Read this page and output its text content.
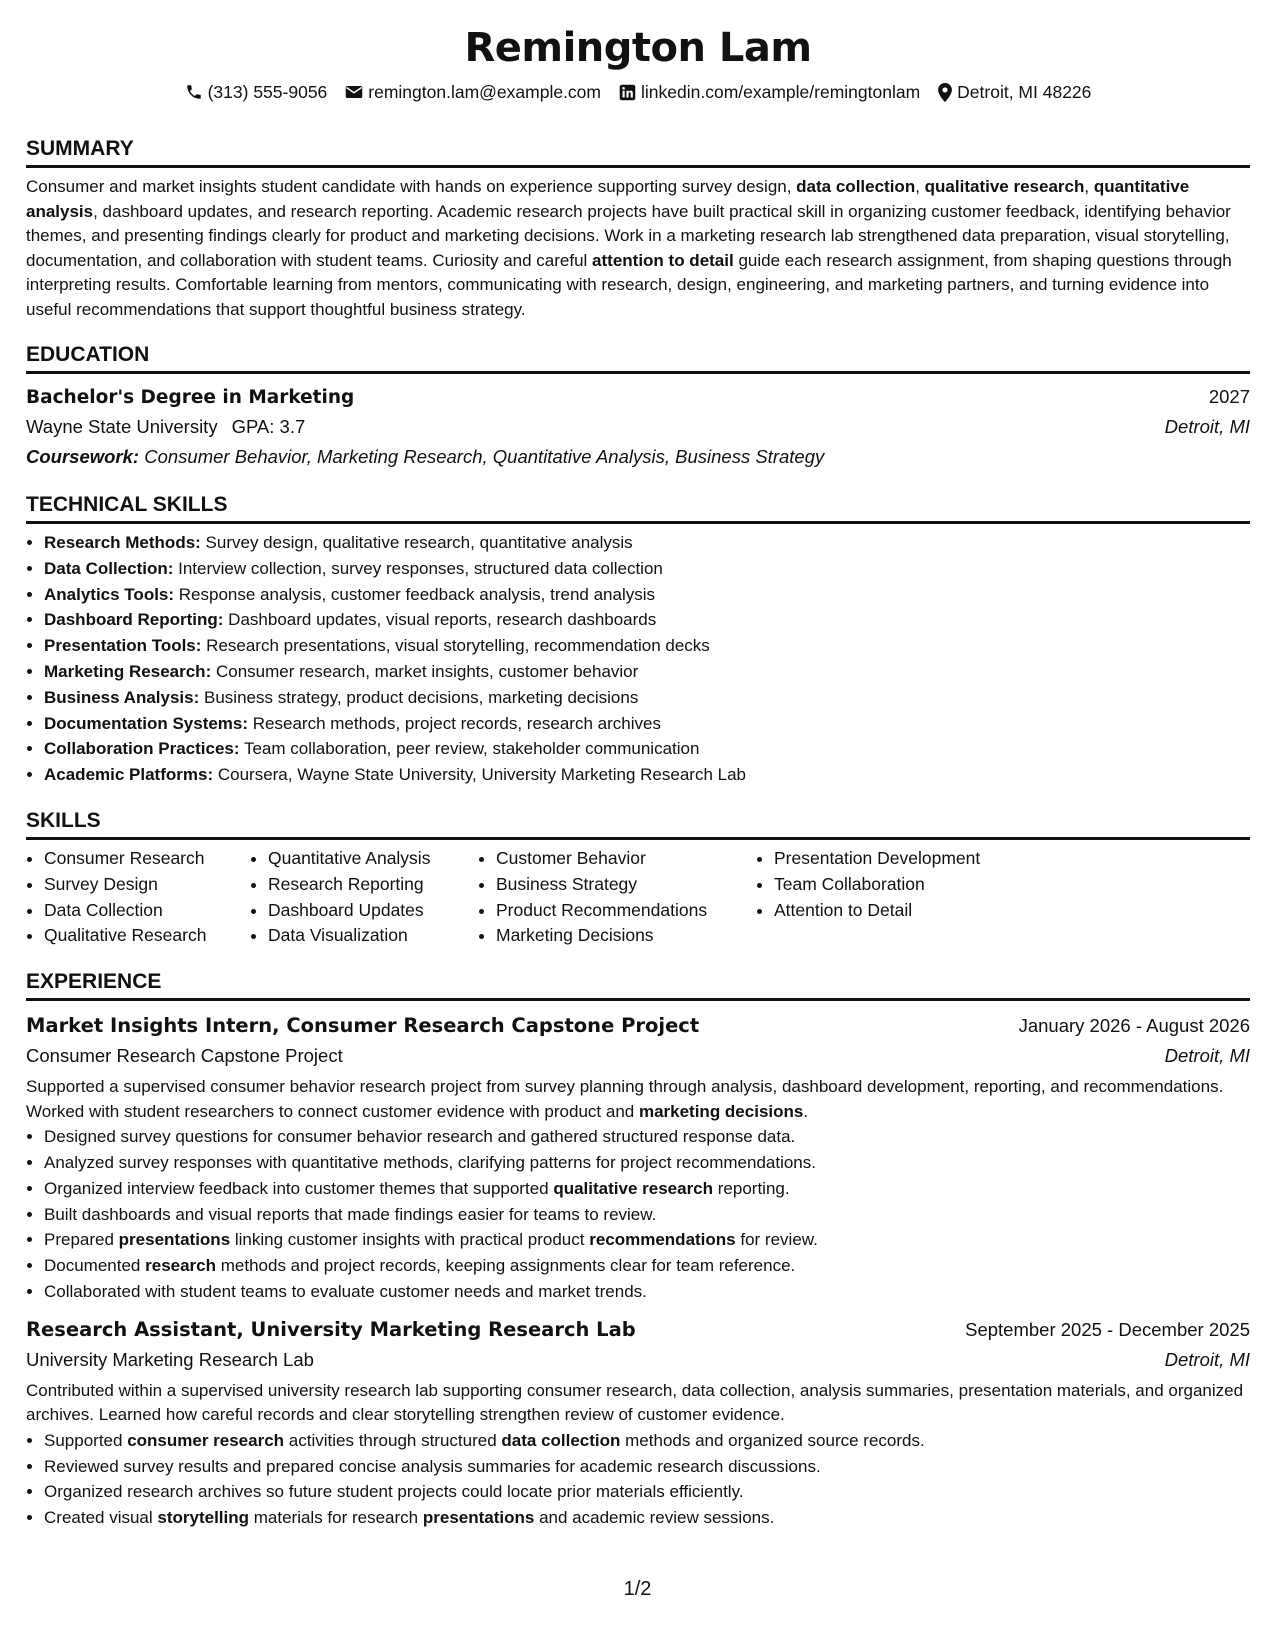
Remington Lam
(313) 555-9056 remington.lam@example.com linkedin.com/example/remingtonlam Detroit, MI 48226
SUMMARY

Consumer and market insights student candidate with hands on experience supporting survey design, data collection, qualitative research, quantitative analysis, dashboard updates, and research reporting. Academic research projects have built practical skill in organizing customer feedback, identifying behavior themes, and presenting findings clearly for product and marketing decisions. Work in a marketing research lab strengthened data preparation, visual storytelling, documentation, and collaboration with student teams. Curiosity and careful attention to detail guide each research assignment, from shaping questions through interpreting results. Comfortable learning from mentors, communicating with research, design, engineering, and marketing partners, and turning evidence into useful recommendations that support thoughtful business strategy.

EDUCATION
Bachelor's Degree in Marketing	2027
Wayne State University GPA: 3.7	Detroit, MI
Coursework: Consumer Behavior, Marketing Research, Quantitative Analysis, Business Strategy
TECHNICAL SKILLS
• Research Methods: Survey design, qualitative research, quantitative analysis
• Data Collection: Interview collection, survey responses, structured data collection
• Analytics Tools: Response analysis, customer feedback analysis, trend analysis
• Dashboard Reporting: Dashboard updates, visual reports, research dashboards
• Presentation Tools: Research presentations, visual storytelling, recommendation decks
• Marketing Research: Consumer research, market insights, customer behavior
• Business Analysis: Business strategy, product decisions, marketing decisions
• Documentation Systems: Research methods, project records, research archives
• Collaboration Practices: Team collaboration, peer review, stakeholder communication
• Academic Platforms: Coursera, Wayne State University, University Marketing Research Lab
SKILLS
• Consumer Research
• Survey Design
• Data Collection
• Qualitative Research
• Quantitative Analysis
• Research Reporting
• Dashboard Updates
• Data Visualization
• Customer Behavior
• Business Strategy
• Product Recommendations
• Marketing Decisions
• Presentation Development
• Team Collaboration
• Attention to Detail
EXPERIENCE
Market Insights Intern, Consumer Research Capstone Project	January 2026 - August 2026
Consumer Research Capstone Project	Detroit, MI

Supported a supervised consumer behavior research project from survey planning through analysis, dashboard development, reporting, and recommendations. Worked with student researchers to connect customer evidence with product and marketing decisions.

• Designed survey questions for consumer behavior research and gathered structured response data.
• Analyzed survey responses with quantitative methods, clarifying patterns for project recommendations.
• Organized interview feedback into customer themes that supported qualitative research reporting.
• Built dashboards and visual reports that made findings easier for teams to review.
• Prepared presentations linking customer insights with practical product recommendations for review.
• Documented research methods and project records, keeping assignments clear for team reference.
• Collaborated with student teams to evaluate customer needs and market trends.
Research Assistant, University Marketing Research Lab	September 2025 - December 2025
University Marketing Research Lab	Detroit, MI

Contributed within a supervised university research lab supporting consumer research, data collection, analysis summaries, presentation materials, and organized archives. Learned how careful records and clear storytelling strengthen review of customer evidence.

• Supported consumer research activities through structured data collection methods and organized source records.
• Reviewed survey results and prepared concise analysis summaries for academic research discussions.
• Organized research archives so future student projects could locate prior materials efficiently.
• Created visual storytelling materials for research presentations and academic review sessions.
1/2
